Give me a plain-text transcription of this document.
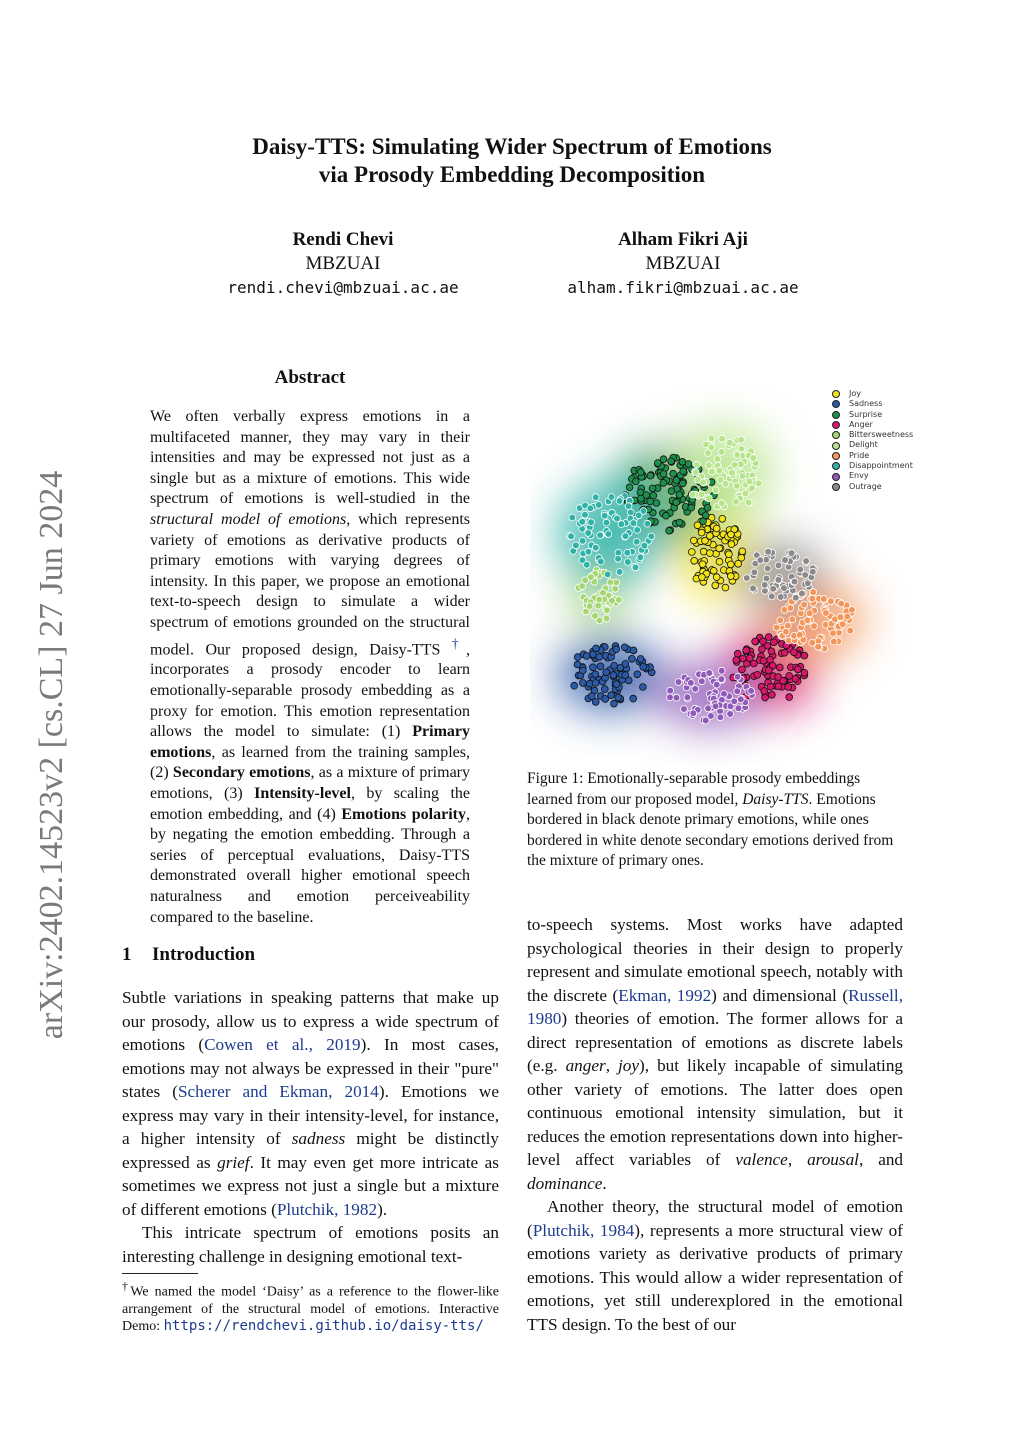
arXiv:2402.14523v2 [cs.CL] 27 Jun 2024
Daisy-TTS: Simulating Wider Spectrum of Emotions
via Prosody Embedding Decomposition
Rendi Chevi
MBZUAI
rendi.chevi@mbzuai.ac.ae
Alham Fikri Aji
MBZUAI
alham.fikri@mbzuai.ac.ae
Abstract
We often verbally express emotions in a multifaceted manner, they may vary in their intensities and may be expressed not just as a single but as a mixture of emotions. This wide spectrum of emotions is well-studied in the structural model of emotions, which represents variety of emotions as derivative products of primary emotions with varying degrees of intensity. In this paper, we propose an emotional text-to-speech design to simulate a wider spectrum of emotions grounded on the structural model. Our proposed design, Daisy-TTS †, incorporates a prosody encoder to learn emotionally-separable prosody embedding as a proxy for emotion. This emotion representation allows the model to simulate: (1) Primary emotions, as learned from the training samples, (2) Secondary emotions, as a mixture of primary emotions, (3) Intensity-level, by scaling the emotion embedding, and (4) Emotions polarity, by negating the emotion embedding. Through a series of perceptual evaluations, Daisy-TTS demonstrated overall higher emotional speech naturalness and emotion perceiveability compared to the baseline.
1 Introduction

Subtle variations in speaking patterns that make up our prosody, allow us to express a wide spectrum of emotions (Cowen et al., 2019). In most cases, emotions may not always be expressed in their "pure" states (Scherer and Ekman, 2014). Emotions we express may vary in their intensity-level, for instance, a higher intensity of sadness might be distinctly expressed as grief. It may even get more intricate as sometimes we express not just a single but a mixture of different emotions (Plutchik, 1982).

This intricate spectrum of emotions posits an interesting challenge in designing emotional text-

†We named the model ‘Daisy’ as a reference to the flower-like arrangement of the structural model of emotions. Interactive Demo: https://rendchevi.github.io/daisy-tts/
Joy
Sadness
Surprise
Anger
Bittersweetness
Delight
Pride
Disappointment
Envy
Outrage
Figure 1: Emotionally-separable prosody embeddings learned from our proposed model, Daisy-TTS. Emotions bordered in black denote primary emotions, while ones bordered in white denote secondary emotions derived from the mixture of primary ones.

to-speech systems. Most works have adapted psychological theories in their design to properly represent and simulate emotional speech, notably with the discrete (Ekman, 1992) and dimensional (Russell, 1980) theories of emotion. The former allows for a direct representation of emotions as discrete labels (e.g. anger, joy), but likely incapable of simulating other variety of emotions. The latter does open continuous emotional intensity simulation, but it reduces the emotion representations down into higher-level affect variables of valence, arousal, and dominance.

Another theory, the structural model of emotion (Plutchik, 1984), represents a more structural view of emotions variety as derivative products of primary emotions. This would allow a wider representation of emotions, yet still underexplored in the emotional TTS design. To the best of our
